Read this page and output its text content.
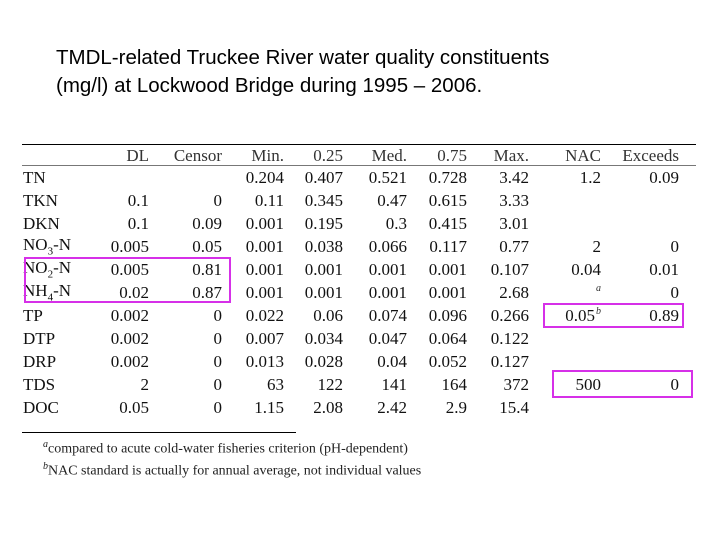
TMDL-related Truckee River water quality constituents
(mg/l) at Lockwood Bridge during 1995 – 2006.
	DL	Censor	Min.	0.25	Med.	0.75	Max.	NAC	Exceeds
TN			0.204	0.407	0.521	0.728	3.42	1.2	0.09
TKN	0.1	0	0.11	0.345	0.47	0.615	3.33		
DKN	0.1	0.09	0.001	0.195	0.3	0.415	3.01		
$NO_3-N$	0.005	0.05	0.001	0.038	0.066	0.117	0.77	2	0
$NO_2-N$	0.005	0.81	0.001	0.001	0.001	0.001	0.107	0.04	0.01
$NH_4-N$	0.02	0.87	0.001	0.001	0.001	0.001	2.68	$^a$	0
TP	0.002	0	0.022	0.06	0.074	0.096	0.266	0.05$^b$	0.89
DTP	0.002	0	0.007	0.034	0.047	0.064	0.122		
DRP	0.002	0	0.013	0.028	0.04	0.052	0.127		
TDS	2	0	63	122	141	164	372	500	0
DOC	0.05	0	1.15	2.08	2.42	2.9	15.4		
$^a$compared to acute cold-water fisheries criterion (pH-dependent)
$^b$NAC standard is actually for annual average, not individual values
